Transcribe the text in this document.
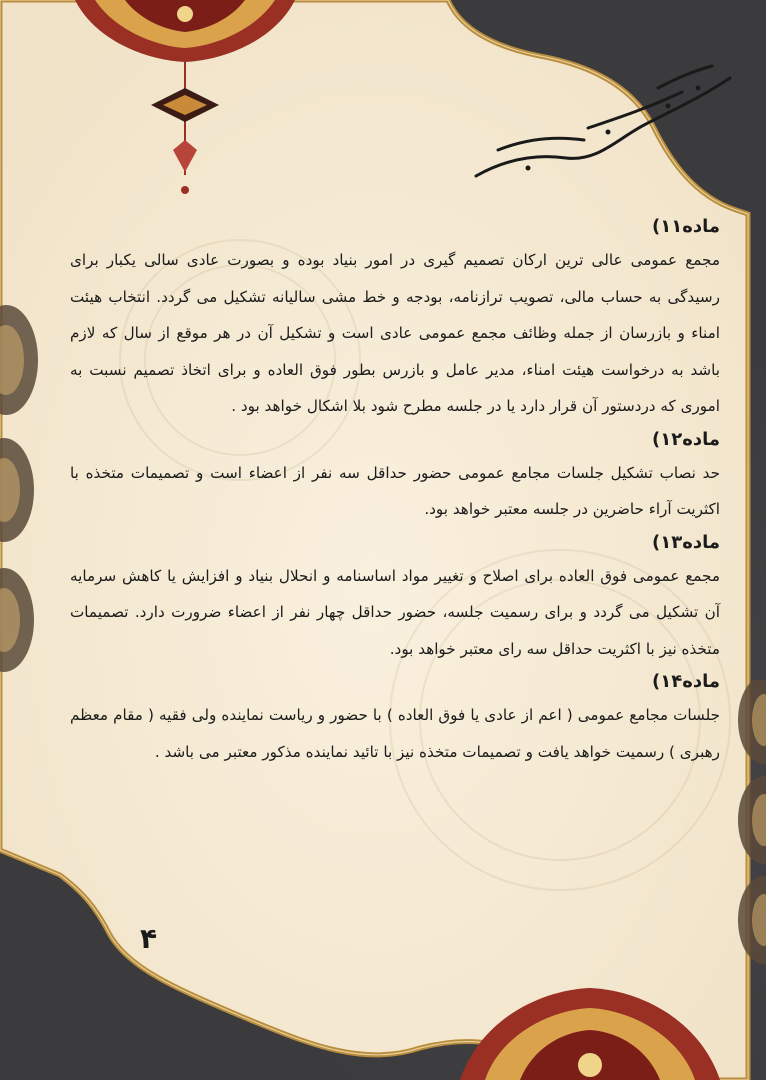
ماده۱۱)

مجمع عمومی عالی ترین ارکان تصمیم گیری در امور بنیاد بوده و بصورت عادی سالی یکبار برای رسیدگی به حساب مالی، تصویب ترازنامه، بودجه و خط مشی سالیانه تشکیل می گردد. انتخاب هیئت امناء و بازرسان از جمله وظائف مجمع عمومی عادی است و تشکیل آن در هر موقع از سال که لازم باشد به درخواست هیئت امناء، مدیر عامل و بازرس بطور فوق العاده و برای اتخاذ تصمیم نسبت به اموری که دردستور آن قرار دارد یا در جلسه مطرح شود بلا اشکال خواهد بود .

ماده۱۲)

حد نصاب تشکیل جلسات مجامع عمومی حضور حداقل سه نفر از اعضاء است و تصمیمات متخذه با اکثریت آراء حاضرین در جلسه معتبر خواهد بود.

ماده۱۳)

مجمع عمومی فوق العاده برای اصلاح و تغییر مواد اساسنامه و انحلال بنیاد و افزایش یا کاهش سرمایه آن تشکیل می گردد و برای رسمیت جلسه، حضور حداقل چهار نفر از اعضاء ضرورت دارد. تصمیمات متخذه نیز با اکثریت حداقل سه رای معتبر خواهد بود.

ماده۱۴)

جلسات مجامع عمومی ( اعم از عادی یا فوق العاده ) با حضور و ریاست نماینده ولی فقیه ( مقام معظم رهبری ) رسمیت خواهد یافت و تصمیمات متخذه نیز با تائید نماینده مذکور معتبر می باشد .

۴
